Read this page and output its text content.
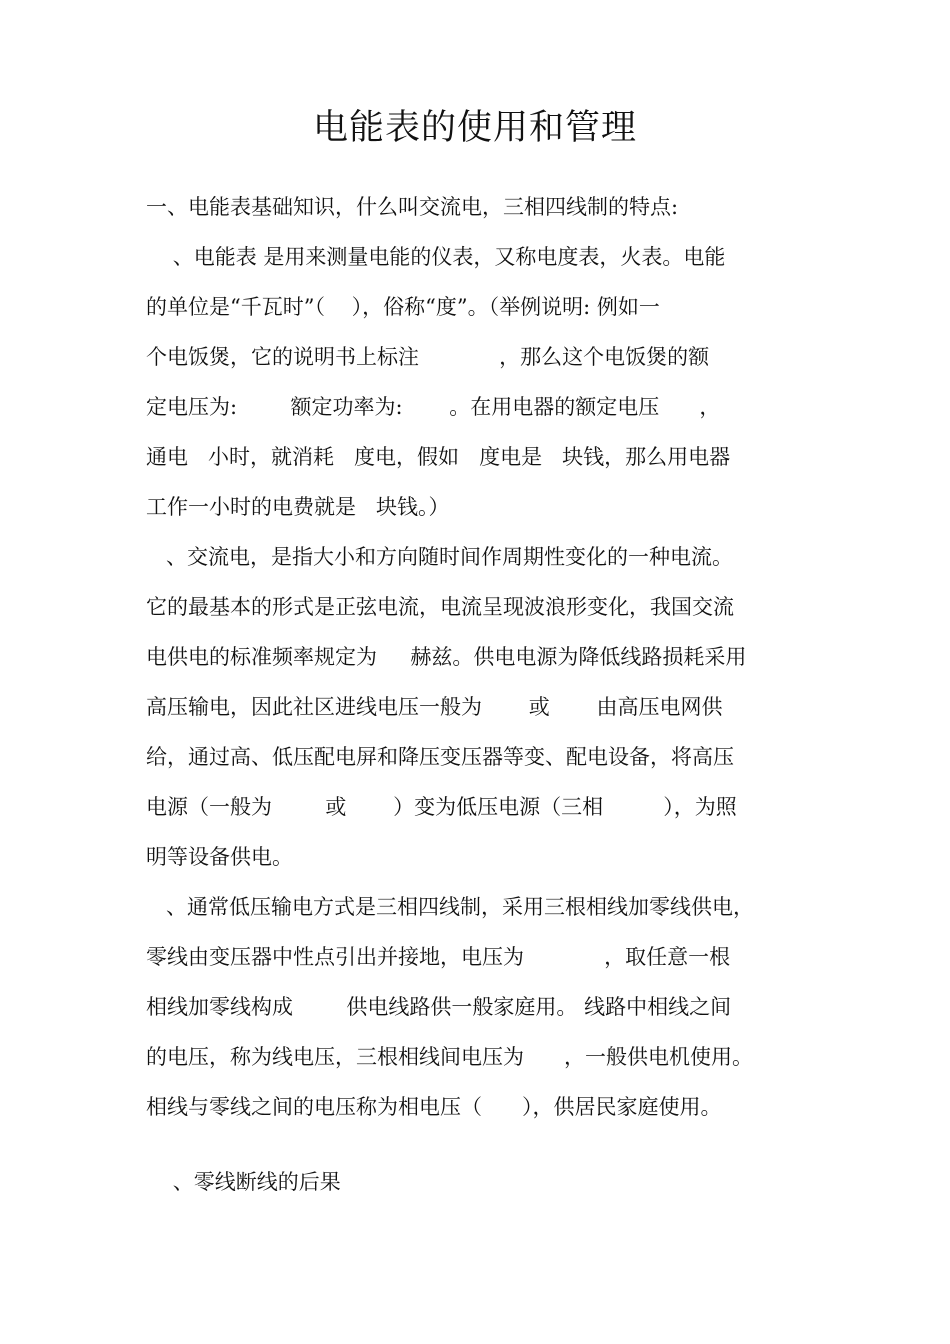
电能表的使用和管理
一、电能表基础知识，什么叫交流电，三相四线制的特点:
、电能表 是用来测量电能的仪表，又称电度表，火表。电能
的单位是“千瓦时”（    ），俗称“度”。（举例说明: 例如一
个电饭煲，它的说明书上标注            ，那么这个电饭煲的额
定电压为:        额定功率为:       。在用电器的额定电压      ，
通电   小时，就消耗   度电，假如   度电是   块钱，那么用电器
工作一小时的电费就是   块钱。）
、交流电，是指大小和方向随时间作周期性变化的一种电流。
它的最基本的形式是正弦电流，电流呈现波浪形变化，我国交流
电供电的标准频率规定为     赫兹。供电电源为降低线路损耗采用
高压输电，因此社区进线电压一般为       或       由高压电网供
给，通过高、低压配电屏和降压变压器等变、配电设备，将高压
电源（一般为        或       ）变为低压电源（三相         ），为照
明等设备供电。
、通常低压输电方式是三相四线制，采用三根相线加零线供电，
零线由变压器中性点引出并接地，电压为            ，取任意一根
相线加零线构成        供电线路供一般家庭用。 线路中相线之间
的电压，称为线电压，三根相线间电压为      ，一般供电机使用。
相线与零线之间的电压称为相电压（      ），供居民家庭使用。
、零线断线的后果
